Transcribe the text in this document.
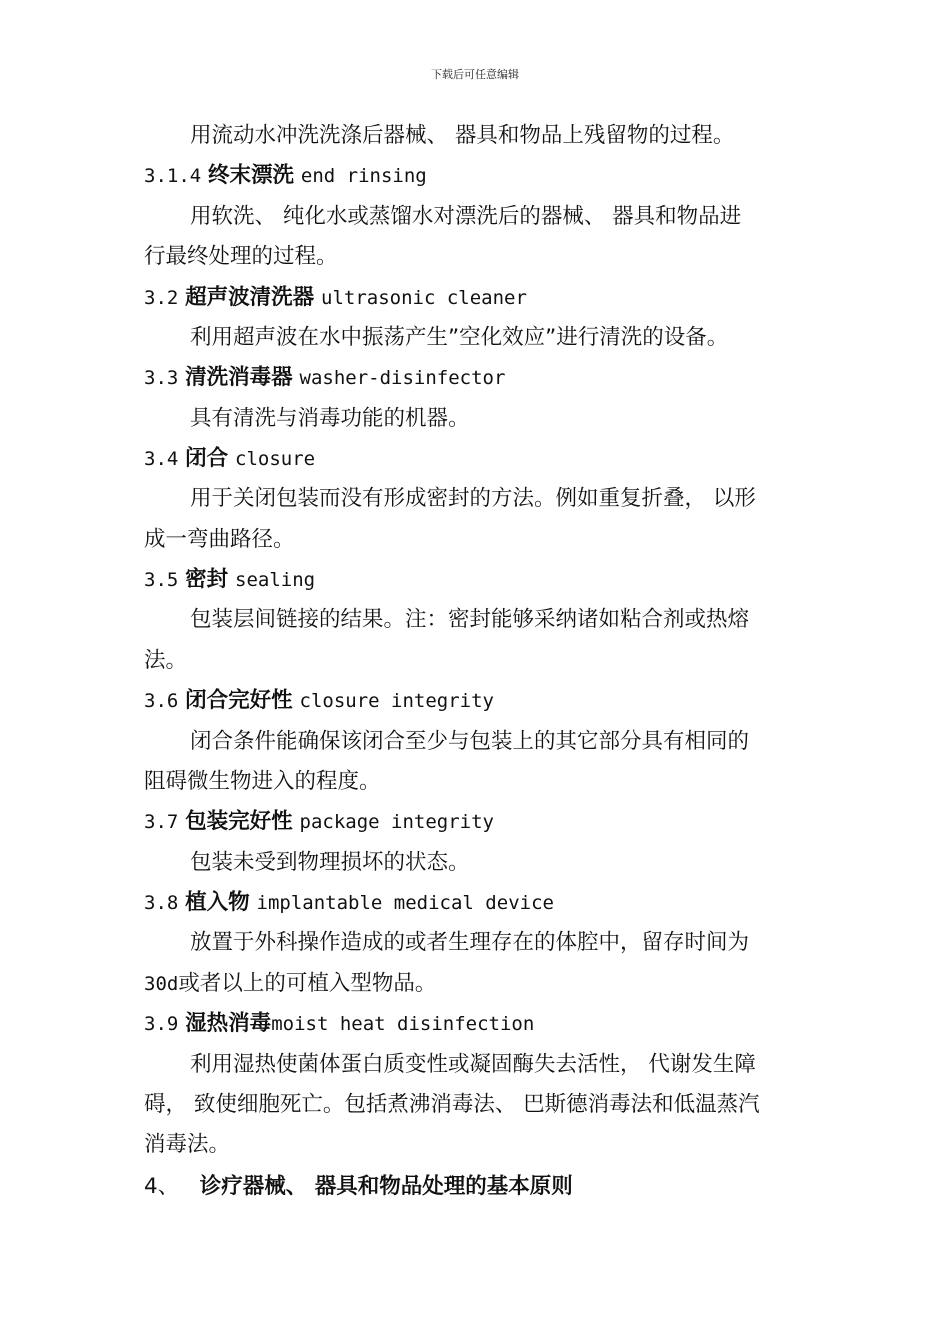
下载后可任意编辑
用流动水冲洗洗涤后器械、 器具和物品上残留物的过程。
3.1.4 终末漂洗 end rinsing
用软洗、 纯化水或蒸馏水对漂洗后的器械、 器具和物品进
行最终处理的过程。
3.2 超声波清洗器 ultrasonic cleaner
利用超声波在水中振荡产生”空化效应”进行清洗的设备。
3.3 清洗消毒器 washer-disinfector
具有清洗与消毒功能的机器。
3.4 闭合 closure
用于关闭包装而没有形成密封的方法。例如重复折叠， 以形
成一弯曲路径。
3.5 密封 sealing
包装层间链接的结果。注：密封能够采纳诸如粘合剂或热熔
法。
3.6 闭合完好性 closure integrity
闭合条件能确保该闭合至少与包装上的其它部分具有相同的
阻碍微生物进入的程度。
3.7 包装完好性 package integrity
包装未受到物理损坏的状态。
3.8 植入物 implantable medical device
放置于外科操作造成的或者生理存在的体腔中，留存时间为
30d或者以上的可植入型物品。
3.9 湿热消毒moist heat disinfection
利用湿热使菌体蛋白质变性或凝固酶失去活性， 代谢发生障
碍， 致使细胞死亡。包括煮沸消毒法、 巴斯德消毒法和低温蒸汽
消毒法。
4、 诊疗器械、 器具和物品处理的基本原则
